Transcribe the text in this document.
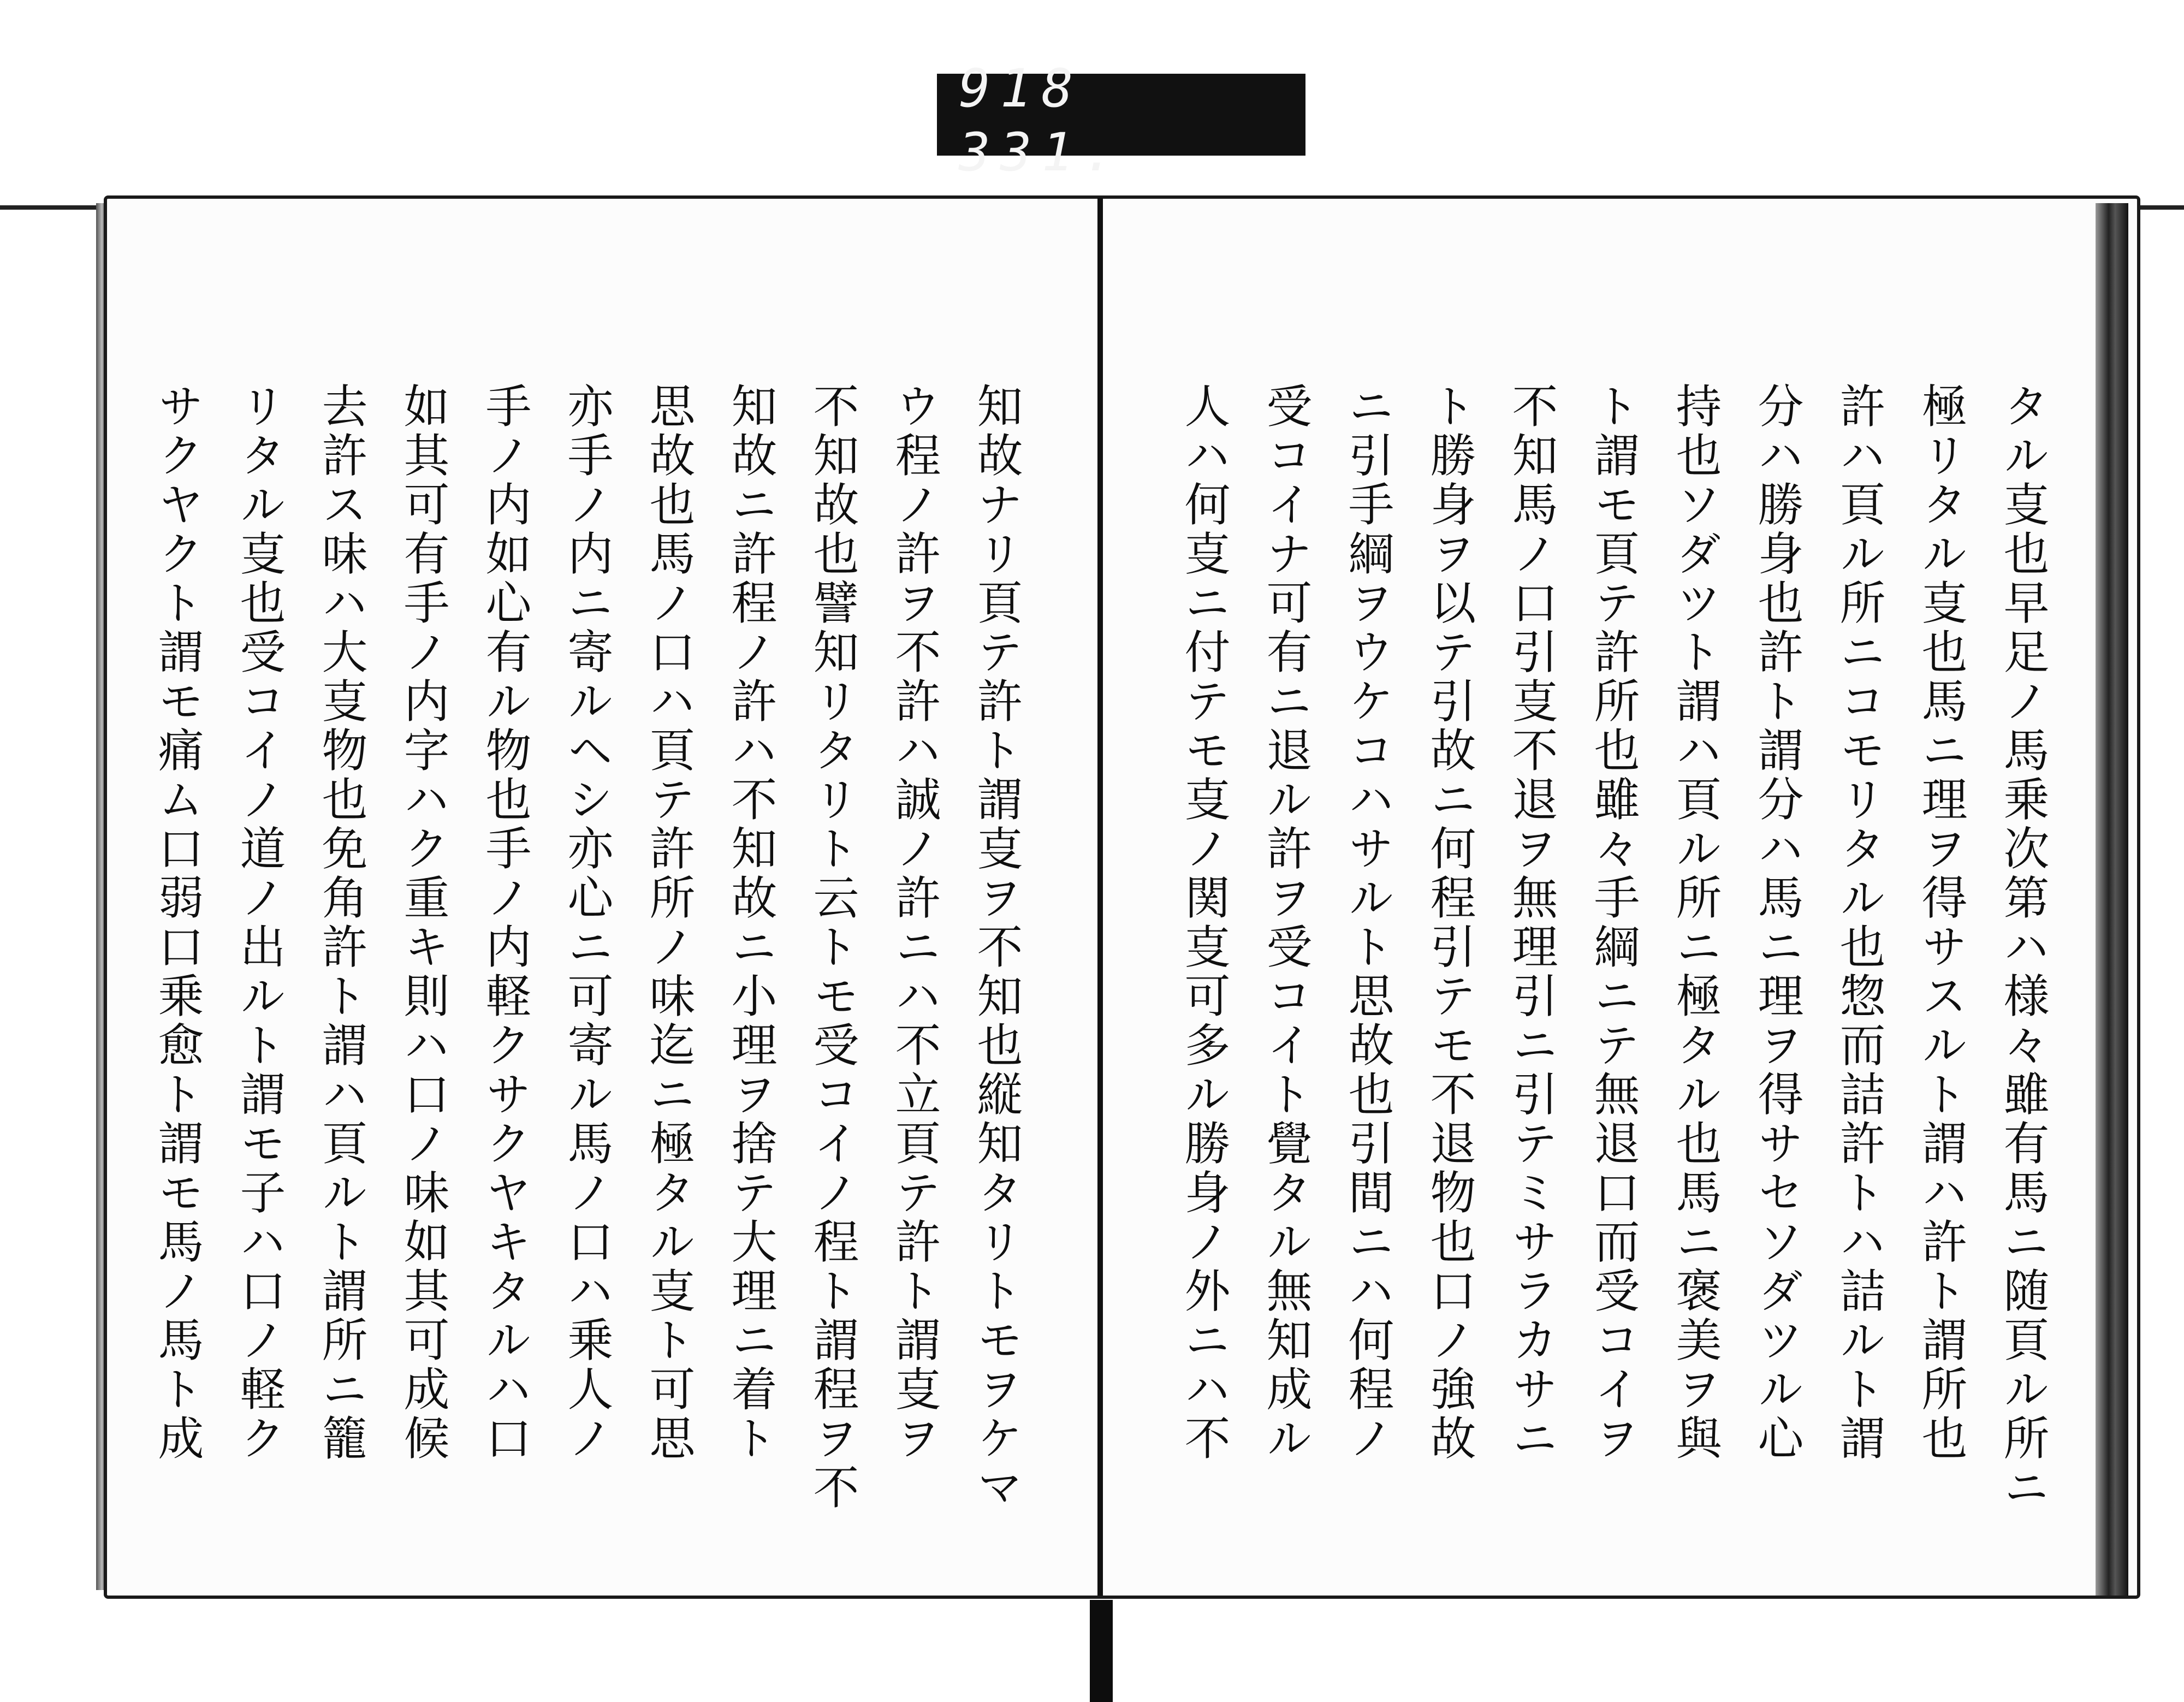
918　331.
知故ナリ頁テ許ト謂㕝ヲ不知也縦知タリトモヲケマ
ウ程ノ許ヲ不許ハ誠ノ許ニハ不立頁テ許ト謂㕝ヲ
不知故也譬知リタリト云トモ受コイノ程ト謂程ヲ不
知故ニ許程ノ許ハ不知故ニ小理ヲ捨テ大理ニ着ト
思故也馬ノ口ハ頁テ許所ノ味迄ニ極タル㕝ト可思
亦手ノ内ニ寄ルヘシ亦心ニ可寄ル馬ノ口ハ乗人ノ
手ノ内如心有ル物也手ノ内軽クサクヤキタルハ口
如其可有手ノ内字ハク重キ則ハ口ノ味如其可成候
去許ス味ハ大㕝物也免角許ト謂ハ頁ルト謂所ニ籠
リタル㕝也受コイノ道ノ出ルト謂モ子ハ口ノ軽ク
サクヤクト謂モ痛ム口弱口乗愈ト謂モ馬ノ馬ト成	タル㕝也早足ノ馬乗次第ハ様々雖有馬ニ随頁ル所ニ
極リタル㕝也馬ニ理ヲ得サスルト謂ハ許ト謂所也
許ハ頁ル所ニコモリタル也惣而詰許トハ詰ルト謂
分ハ勝身也許ト謂分ハ馬ニ理ヲ得サセソダツル心
持也ソダツト謂ハ頁ル所ニ極タル也馬ニ褒美ヲ與
ト謂モ頁テ許所也雖々手綱ニテ無退口而受コイヲ
不知馬ノ口引㕝不退ヲ無理引ニ引テミサラカサニ
ト勝身ヲ以テ引故ニ何程引テモ不退物也口ノ強故
ニ引手綱ヲウケコハサルト思故也引間ニハ何程ノ
受コイナ可有ニ退ル許ヲ受コイト覺タル無知成ル
人ハ何㕝ニ付テモ㕝ノ関㕝可多ル勝身ノ外ニハ不
